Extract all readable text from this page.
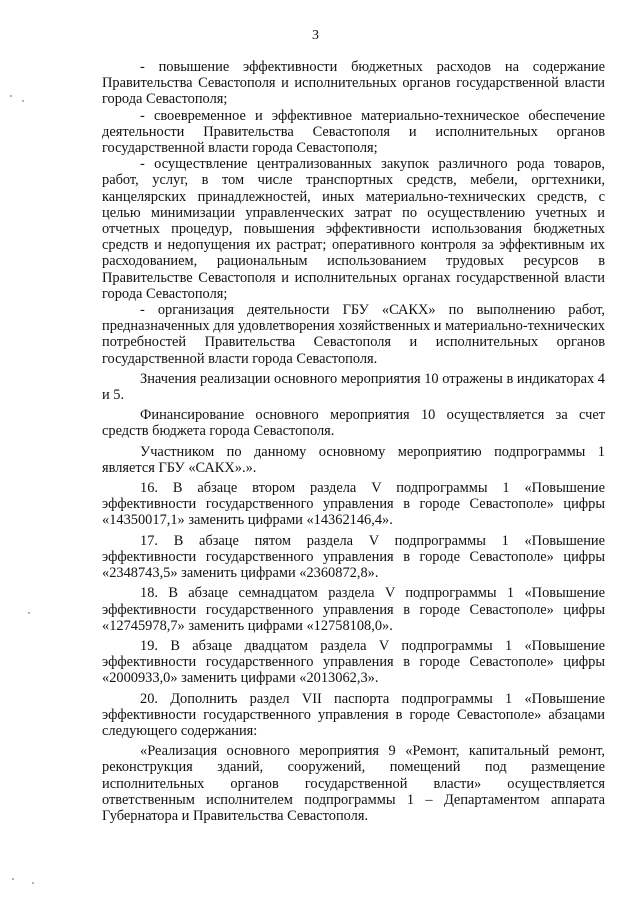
3

- повышение эффективности бюджетных расходов на содержание Правительства Севастополя и исполнительных органов государственной власти города Севастополя;

- своевременное и эффективное материально-техническое обеспечение деятельности Правительства Севастополя и исполнительных органов государственной власти города Севастополя;

- осуществление централизованных закупок различного рода товаров, работ, услуг, в том числе транспортных средств, мебели, оргтехники, канцелярских принадлежностей, иных материально-технических средств, с целью минимизации управленческих затрат по осуществлению учетных и отчетных процедур, повышения эффективности использования бюджетных средств и недопущения их растрат; оперативного контроля за эффективным их расходованием, рациональным использованием трудовых ресурсов в Правительстве Севастополя и исполнительных органах государственной власти города Севастополя;

- организация деятельности ГБУ «САКХ» по выполнению работ, предназначенных для удовлетворения хозяйственных и материально-технических потребностей Правительства Севастополя и исполнительных органов государственной власти города Севастополя.

Значения реализации основного мероприятия 10 отражены в индикаторах 4 и 5.

Финансирование основного мероприятия 10 осуществляется за счет средств бюджета города Севастополя.

Участником по данному основному мероприятию подпрограммы 1 является ГБУ «САКХ».».

16. В абзаце втором раздела V подпрограммы 1 «Повышение эффективности государственного управления в городе Севастополе» цифры «14350017,1» заменить цифрами «14362146,4».

17. В абзаце пятом раздела V подпрограммы 1 «Повышение эффективности государственного управления в городе Севастополе» цифры «2348743,5» заменить цифрами «2360872,8».

18. В абзаце семнадцатом раздела V подпрограммы 1 «Повышение эффективности государственного управления в городе Севастополе» цифры «12745978,7» заменить цифрами «12758108,0».

19. В абзаце двадцатом раздела V подпрограммы 1 «Повышение эффективности государственного управления в городе Севастополе» цифры «2000933,0» заменить цифрами «2013062,3».

20. Дополнить раздел VII паспорта подпрограммы 1 «Повышение эффективности государственного управления в городе Севастополе» абзацами следующего содержания:

«Реализация основного мероприятия 9 «Ремонт, капитальный ремонт, реконструкция зданий, сооружений, помещений под размещение исполнительных органов государственной власти» осуществляется ответственным исполнителем подпрограммы 1 – Департаментом аппарата Губернатора и Правительства Севастополя.
